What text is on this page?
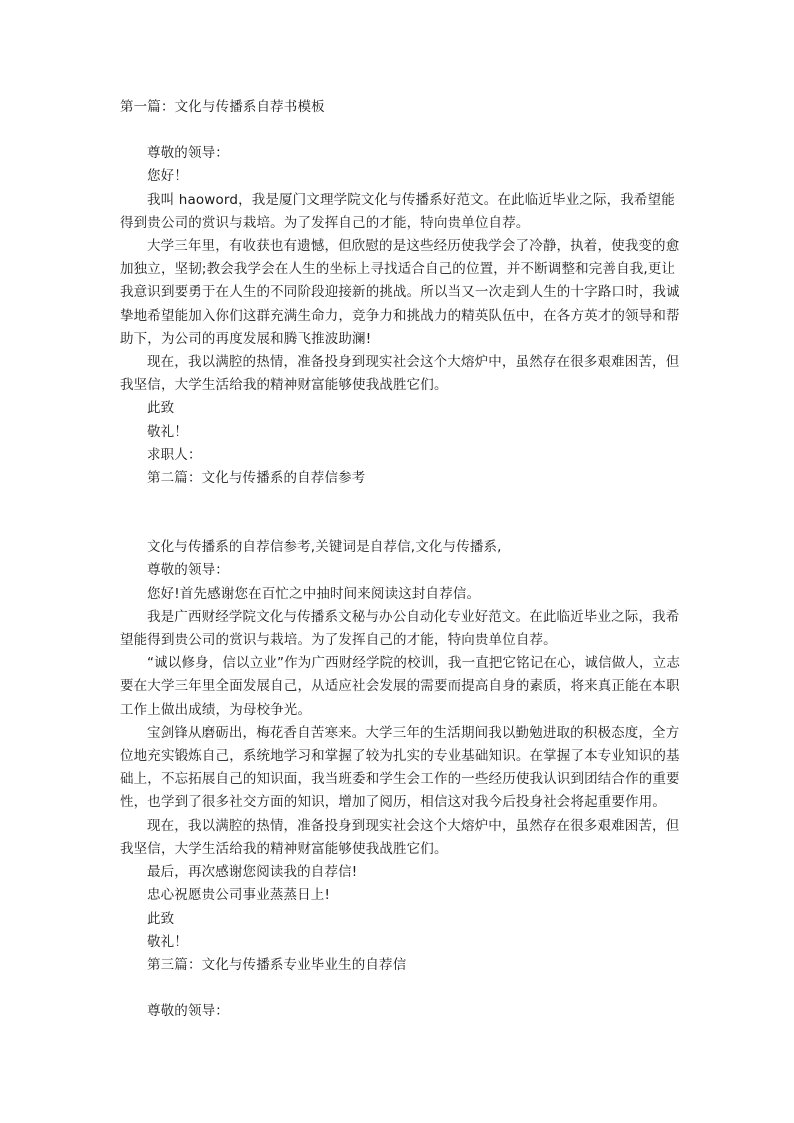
第一篇：文化与传播系自荐书模板

尊敬的领导：

您好！

我叫 haoword，我是厦门文理学院文化与传播系好范文。在此临近毕业之际，我希望能得到贵公司的赏识与栽培。为了发挥自己的才能，特向贵单位自荐。

大学三年里，有收获也有遗憾，但欣慰的是这些经历使我学会了冷静，执着，使我变的愈加独立，坚韧;教会我学会在人生的坐标上寻找适合自己的位置，并不断调整和完善自我,更让我意识到要勇于在人生的不同阶段迎接新的挑战。所以当又一次走到人生的十字路口时，我诚挚地希望能加入你们这群充满生命力，竞争力和挑战力的精英队伍中，在各方英才的领导和帮助下，为公司的再度发展和腾飞推波助澜!

现在，我以满腔的热情，准备投身到现实社会这个大熔炉中，虽然存在很多艰难困苦，但我坚信，大学生活给我的精神财富能够使我战胜它们。

此致

敬礼！

求职人：

第二篇：文化与传播系的自荐信参考

文化与传播系的自荐信参考,关键词是自荐信,文化与传播系,

尊敬的领导：

您好!首先感谢您在百忙之中抽时间来阅读这封自荐信。

我是广西财经学院文化与传播系文秘与办公自动化专业好范文。在此临近毕业之际，我希望能得到贵公司的赏识与栽培。为了发挥自己的才能，特向贵单位自荐。

“诚以修身，信以立业”作为广西财经学院的校训，我一直把它铭记在心，诚信做人，立志要在大学三年里全面发展自己，从适应社会发展的需要而提高自身的素质，将来真正能在本职工作上做出成绩，为母校争光。

宝剑锋从磨砺出，梅花香自苦寒来。大学三年的生活期间我以勤勉进取的积极态度，全方位地充实锻炼自己，系统地学习和掌握了较为扎实的专业基础知识。在掌握了本专业知识的基础上，不忘拓展自己的知识面，我当班委和学生会工作的一些经历使我认识到团结合作的重要性，也学到了很多社交方面的知识，增加了阅历，相信这对我今后投身社会将起重要作用。

现在，我以满腔的热情，准备投身到现实社会这个大熔炉中，虽然存在很多艰难困苦，但我坚信，大学生活给我的精神财富能够使我战胜它们。

最后，再次感谢您阅读我的自荐信!

忠心祝愿贵公司事业蒸蒸日上!

此致

敬礼！

第三篇：文化与传播系专业毕业生的自荐信

尊敬的领导：
